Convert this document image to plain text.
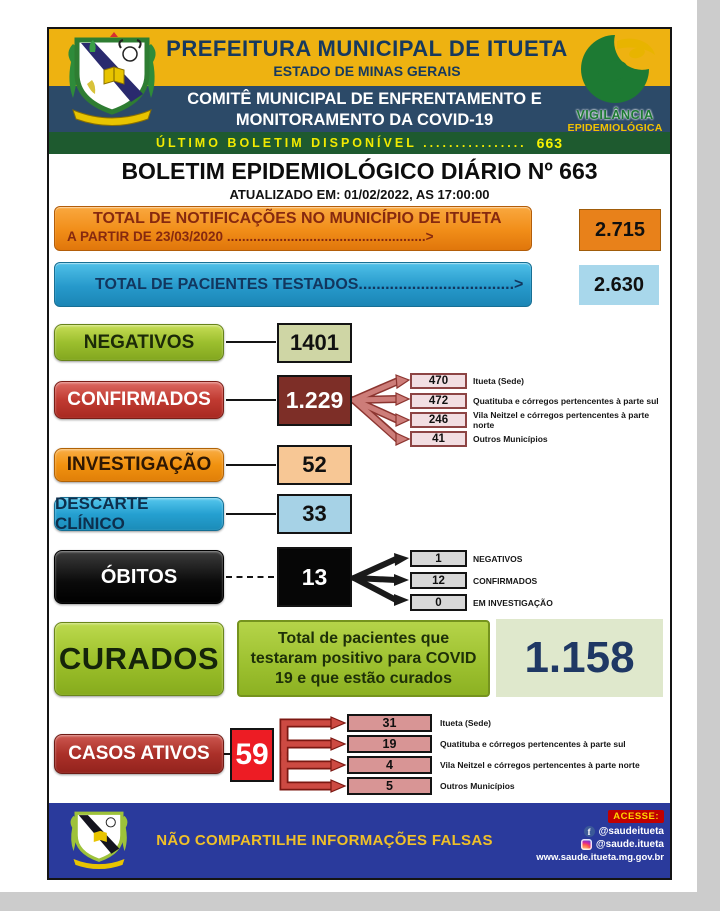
PREFEITURA MUNICIPAL DE ITUETA
ESTADO DE MINAS GERAIS
COMITÊ MUNICIPAL DE ENFRENTAMENTO E
MONITORAMENTO DA COVID-19
ÚLTIMO BOLETIM DISPONÍVEL ................ 663
VIGILÂNCIA
EPIDEMIOLÓGICA
BOLETIM EPIDEMIOLÓGICO DIÁRIO Nº 663
ATUALIZADO EM: 01/02/2022, AS 17:00:00
TOTAL DE NOTIFICAÇÕES NO MUNICÍPIO DE ITUETA
A PARTIR DE 23/03/2020 .....................................................>	2.715
TOTAL DE PACIENTES TESTADOS...................................>	2.630
NEGATIVOS	1401
CONFIRMADOS	1.229
470	Itueta (Sede)
472	Quatituba e córregos pertencentes à parte sul
246	Vila Neitzel e córregos pertencentes à parte norte
41	Outros Municípios
INVESTIGAÇÃO	52
DESCARTE CLÍNICO	33
ÓBITOS	13
1	NEGATIVOS
12	CONFIRMADOS
0	EM INVESTIGAÇÃO
CURADOS
Total de pacientes que testaram positivo para COVID 19 e que estão curados	1.158
CASOS ATIVOS 59
31	Itueta (Sede)
19	Quatituba e córregos pertencentes à parte sul
4	Vila Neitzel e córregos pertencentes à parte norte
5	Outros Municípios
NÃO COMPARTILHE INFORMAÇÕES FALSAS
ACESSE:
f @saudeitueta
@saude.itueta
www.saude.itueta.mg.gov.br
